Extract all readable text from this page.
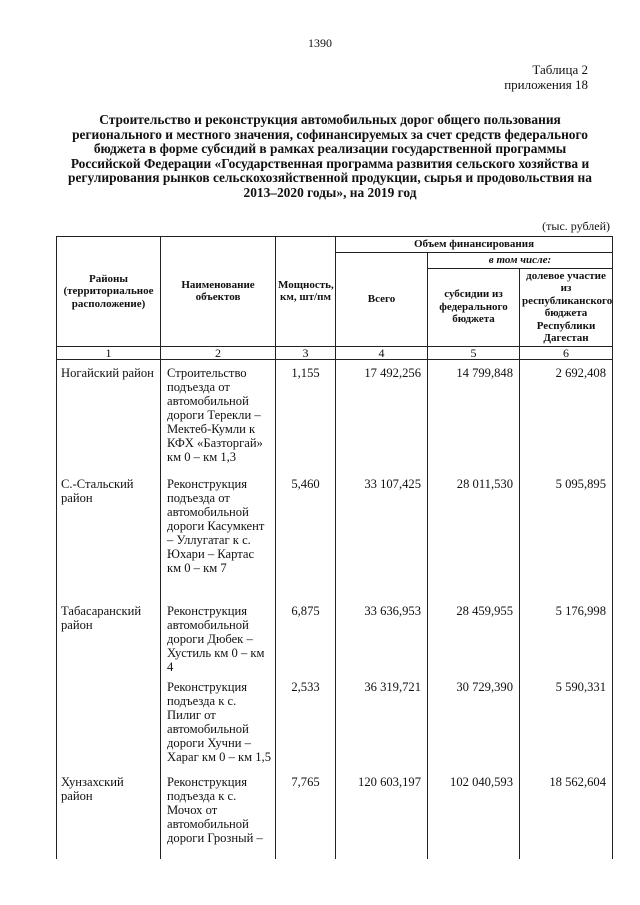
1390
Таблица 2
приложения 18
Строительство и реконструкция автомобильных дорог общего пользования регионального и местного значения, софинансируемых за счет средств федерального бюджета в форме субсидий в рамках реализации государственной программы Российской Федерации «Государственная программа развития сельского хозяйства и регулирования рынков сельскохозяйственной продукции, сырья и продовольствия на 2013–2020 годы», на 2019 год
(тыс. рублей)
Районы (территориальное расположение)	Наименование объектов	Мощность, км, шт/пм	Объем финансирования		
			Всего	в том числе:	
				субсидии из федерального бюджета	долевое участие из республиканского бюджета Республики Дагестан
1	2	3	4	5	6
Ногайский район	Строительство подъезда от автомобильной дороги Терекли –Мектеб-Кумли к КФХ «Базторгай» км 0 – км 1,3	1,155	17 492,256	14 799,848	2 692,408
С.-Стальский район	Реконструкция подъезда от автомобильной дороги Касумкент – Уллугатаг к с. Юхари – Картас км 0 – км 7	5,460	33 107,425	28 011,530	5 095,895
Табасаранский район	Реконструкция автомобильной дороги Дюбек – Хустиль км 0 – км 4	6,875	33 636,953	28 459,955	5 176,998
	Реконструкция подъезда к с. Пилиг от автомобильной дороги Хучни – Хараг км 0 – км 1,5	2,533	36 319,721	30 729,390	5 590,331
Хунзахский район	Реконструкция подъезда к с. Мочох от автомобильной дороги Грозный –	7,765	120 603,197	102 040,593	18 562,604
